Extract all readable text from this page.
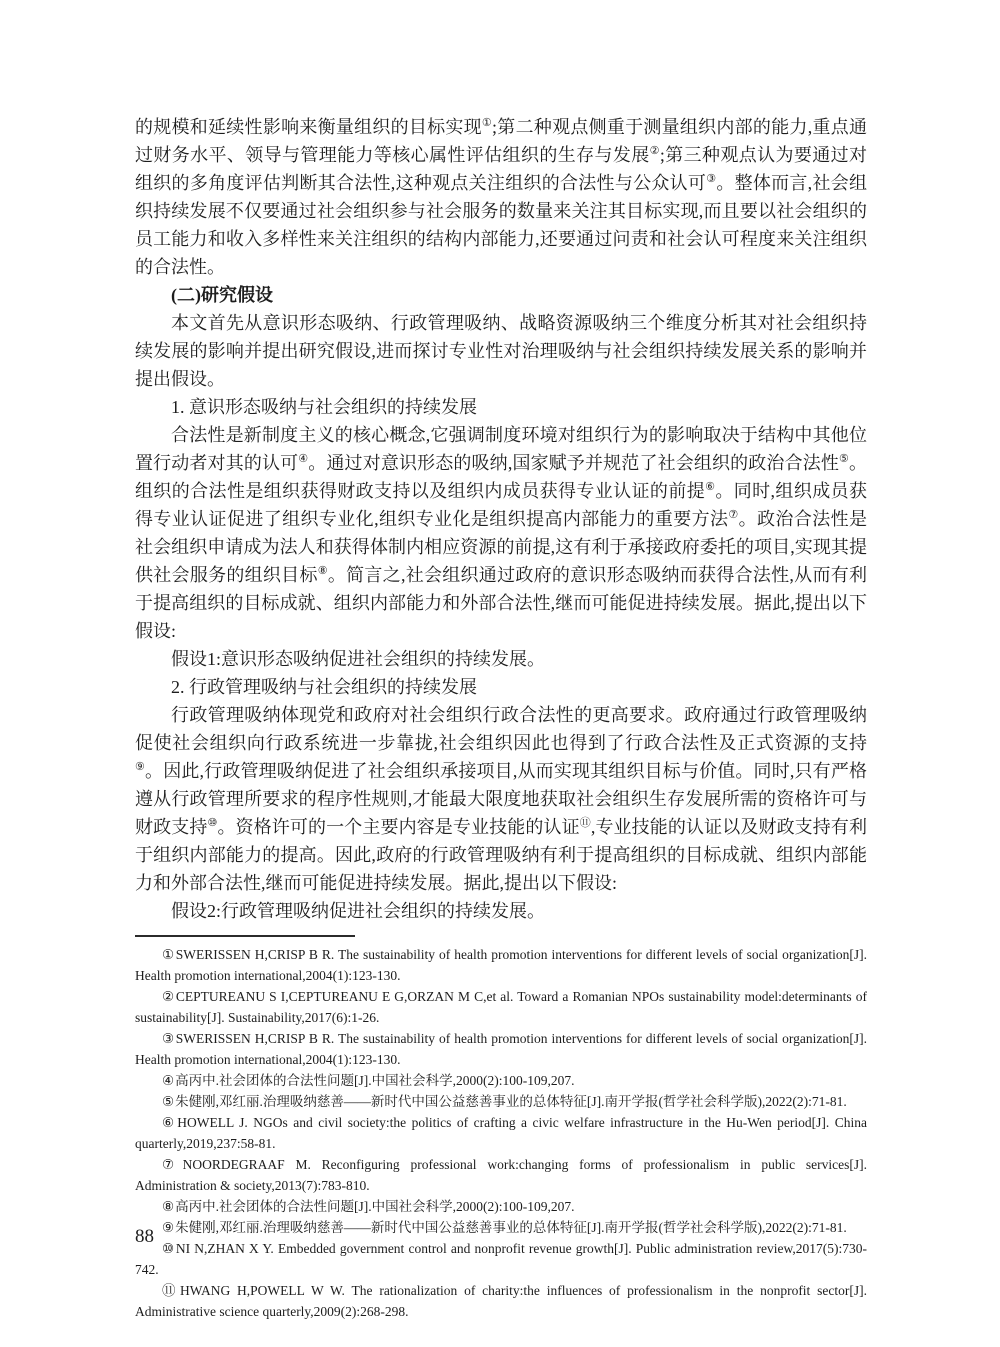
的规模和延续性影响来衡量组织的目标实现①;第二种观点侧重于测量组织内部的能力,重点通过财务水平、领导与管理能力等核心属性评估组织的生存与发展②;第三种观点认为要通过对组织的多角度评估判断其合法性,这种观点关注组织的合法性与公众认可③。整体而言,社会组织持续发展不仅要通过社会组织参与社会服务的数量来关注其目标实现,而且要以社会组织的员工能力和收入多样性来关注组织的结构内部能力,还要通过问责和社会认可程度来关注组织的合法性。

(二)研究假设

本文首先从意识形态吸纳、行政管理吸纳、战略资源吸纳三个维度分析其对社会组织持续发展的影响并提出研究假设,进而探讨专业性对治理吸纳与社会组织持续发展关系的影响并提出假设。

1. 意识形态吸纳与社会组织的持续发展

合法性是新制度主义的核心概念,它强调制度环境对组织行为的影响取决于结构中其他位置行动者对其的认可④。通过对意识形态的吸纳,国家赋予并规范了社会组织的政治合法性⑤。组织的合法性是组织获得财政支持以及组织内成员获得专业认证的前提⑥。同时,组织成员获得专业认证促进了组织专业化,组织专业化是组织提高内部能力的重要方法⑦。政治合法性是社会组织申请成为法人和获得体制内相应资源的前提,这有利于承接政府委托的项目,实现其提供社会服务的组织目标⑧。简言之,社会组织通过政府的意识形态吸纳而获得合法性,从而有利于提高组织的目标成就、组织内部能力和外部合法性,继而可能促进持续发展。据此,提出以下假设:

假设1:意识形态吸纳促进社会组织的持续发展。

2. 行政管理吸纳与社会组织的持续发展

行政管理吸纳体现党和政府对社会组织行政合法性的更高要求。政府通过行政管理吸纳促使社会组织向行政系统进一步靠拢,社会组织因此也得到了行政合法性及正式资源的支持⑨。因此,行政管理吸纳促进了社会组织承接项目,从而实现其组织目标与价值。同时,只有严格遵从行政管理所要求的程序性规则,才能最大限度地获取社会组织生存发展所需的资格许可与财政支持⑩。资格许可的一个主要内容是专业技能的认证⑪,专业技能的认证以及财政支持有利于组织内部能力的提高。因此,政府的行政管理吸纳有利于提高组织的目标成就、组织内部能力和外部合法性,继而可能促进持续发展。据此,提出以下假设:

假设2:行政管理吸纳促进社会组织的持续发展。

①SWERISSEN H,CRISP B R. The sustainability of health promotion interventions for different levels of social organization[J]. Health promotion international,2004(1):123-130.

②CEPTUREANU S I,CEPTUREANU E G,ORZAN M C,et al. Toward a Romanian NPOs sustainability model:determinants of sustainability[J]. Sustainability,2017(6):1-26.

③SWERISSEN H,CRISP B R. The sustainability of health promotion interventions for different levels of social organization[J]. Health promotion international,2004(1):123-130.

④高丙中.社会团体的合法性问题[J].中国社会科学,2000(2):100-109,207.

⑤朱健刚,邓红丽.治理吸纳慈善——新时代中国公益慈善事业的总体特征[J].南开学报(哲学社会科学版),2022(2):71-81.

⑥HOWELL J. NGOs and civil society:the politics of crafting a civic welfare infrastructure in the Hu-Wen period[J]. China quarterly,2019,237:58-81.

⑦NOORDEGRAAF M. Reconfiguring professional work:changing forms of professionalism in public services[J]. Administration & society,2013(7):783-810.

⑧高丙中.社会团体的合法性问题[J].中国社会科学,2000(2):100-109,207.

⑨朱健刚,邓红丽.治理吸纳慈善——新时代中国公益慈善事业的总体特征[J].南开学报(哲学社会科学版),2022(2):71-81.

⑩NI N,ZHAN X Y. Embedded government control and nonprofit revenue growth[J]. Public administration review,2017(5):730-742.

⑪HWANG H,POWELL W W. The rationalization of charity:the influences of professionalism in the nonprofit sector[J]. Administrative science quarterly,2009(2):268-298.

88
